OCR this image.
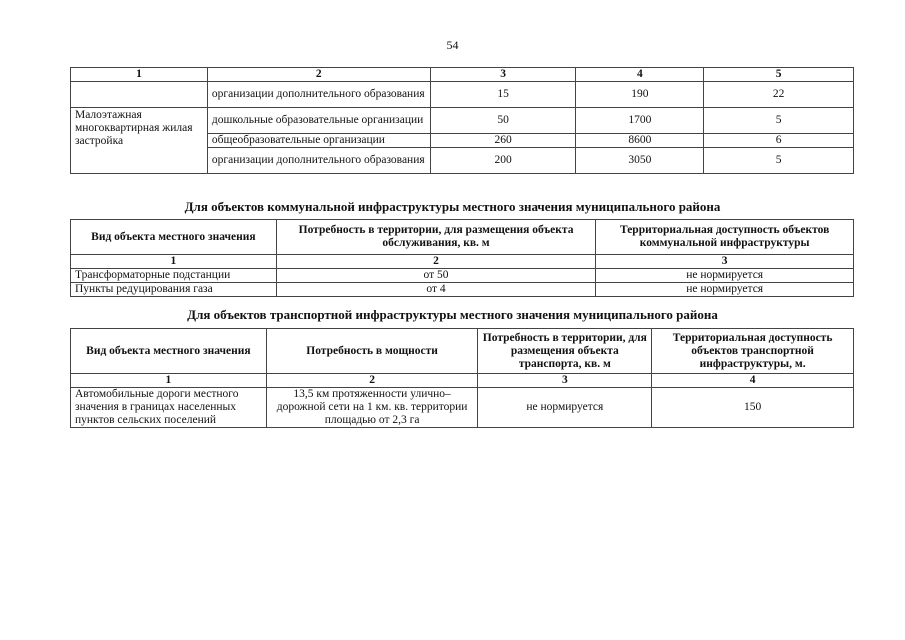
54
1	2	3	4	5
	организации дополнительного образования	15	190	22
Малоэтажная многоквартирная жилая застройка	дошкольные образовательные организации	50	1700	5
	общеобразовательные организации	260	8600	6
	организации дополнительного образования	200	3050	5
Для объектов коммунальной инфраструктуры местного значения муниципального района
Вид объекта местного значения	Потребность в территории, для размещения объекта обслуживания, кв. м	Территориальная доступность объектов коммунальной инфраструктуры
1	2	3
Трансформаторные подстанции	от 50	не нормируется
Пункты редуцирования газа	от 4	не нормируется
Для объектов транспортной инфраструктуры местного значения муниципального района
Вид объекта местного значения	Потребность в мощности	Потребность в территории, для размещения объекта транспорта, кв. м	Территориальная доступность объектов транспортной инфраструктуры, м.
1	2	3	4
Автомобильные дороги местного значения в границах населенных пунктов сельских поселений	13,5 км протяженности улично–дорожной сети на 1 км. кв. территории площадью от 2,3 га	не нормируется	150
